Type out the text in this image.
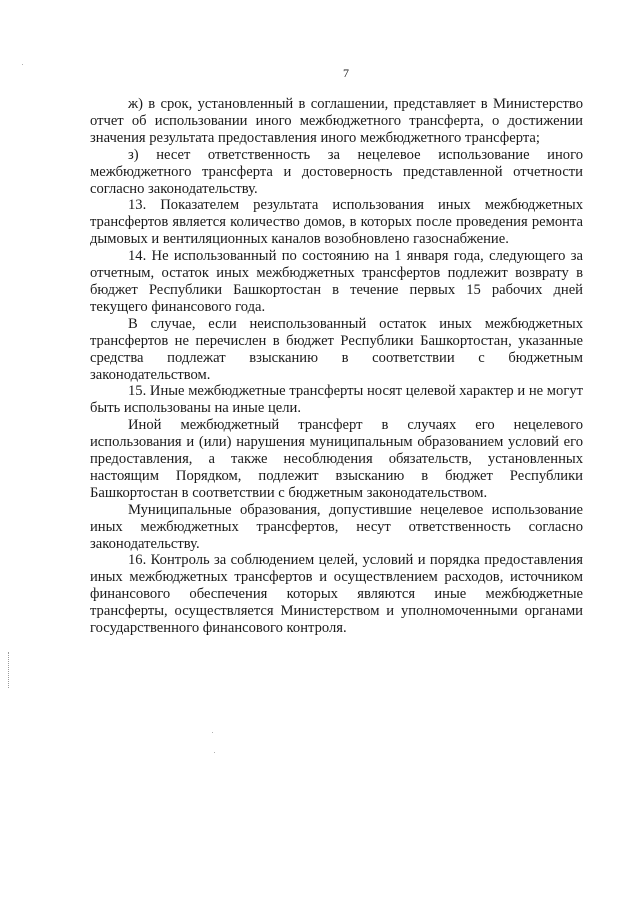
7

ж) в срок, установленный в соглашении, представляет в Министерство отчет об использовании иного межбюджетного трансферта, о достижении значения результата предоставления иного межбюджетного трансферта;

з) несет ответственность за нецелевое использование иного межбюджетного трансферта и достоверность представленной отчетности согласно законодательству.

13. Показателем результата использования иных межбюджетных трансфертов является количество домов, в которых после проведения ремонта дымовых и вентиляционных каналов возобновлено газоснабжение.

14. Не использованный по состоянию на 1 января года, следующего за отчетным, остаток иных межбюджетных трансфертов подлежит возврату в бюджет Республики Башкортостан в течение первых 15 рабочих дней текущего финансового года.

В случае, если неиспользованный остаток иных межбюджетных трансфертов не перечислен в бюджет Республики Башкортостан, указанные средства подлежат взысканию в соответствии с бюджетным законодательством.

15. Иные межбюджетные трансферты носят целевой характер и не могут быть использованы на иные цели.

Иной межбюджетный трансферт в случаях его нецелевого использования и (или) нарушения муниципальным образованием условий его предоставления, а также несоблюдения обязательств, установленных настоящим Порядком, подлежит взысканию в бюджет Республики Башкортостан в соответствии с бюджетным законодательством.

Муниципальные образования, допустившие нецелевое использование иных межбюджетных трансфертов, несут ответственность согласно законодательству.

16. Контроль за соблюдением целей, условий и порядка предоставления иных межбюджетных трансфертов и осуществлением расходов, источником финансового обеспечения которых являются иные межбюджетные трансферты, осуществляется Министерством и уполномоченными органами государственного финансового контроля.
